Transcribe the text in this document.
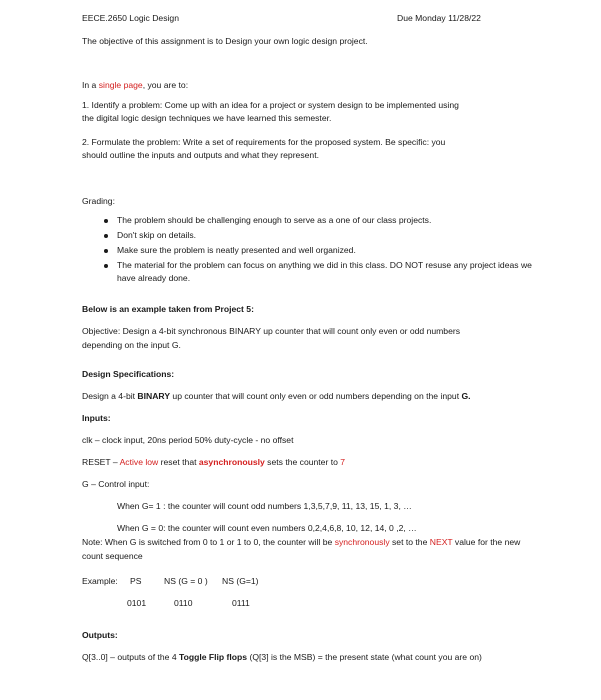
EECE.2650 Logic Design	Due Monday 11/28/22
The objective of this assignment is to Design your own logic design project.
In a single page, you are to:
1. Identify a problem: Come up with an idea for a project or system design to be implemented using
the digital logic design techniques we have learned this semester.
2. Formulate the problem: Write a set of requirements for the proposed system. Be specific: you
should outline the inputs and outputs and what they represent.
Grading:
The problem should be challenging enough to serve as a one of our class projects.
Don't skip on details.
Make sure the problem is neatly presented and well organized.
The material for the problem can focus on anything we did in this class. DO NOT resuse any project ideas we
have already done.
Below is an example taken from Project 5:
Objective: Design a 4-bit synchronous BINARY up counter that will count only even or odd numbers
depending on the input G.
Design Specifications:
Design a 4-bit BINARY up counter that will count only even or odd numbers depending on the input G.
Inputs:
clk – clock input, 20ns period 50% duty-cycle - no offset
RESET – Active low reset that asynchronously sets the counter to 7
G – Control input:
When G= 1 : the counter will count odd numbers 1,3,5,7,9, 11, 13, 15, 1, 3, …
When G = 0: the counter will count even numbers 0,2,4,6,8, 10, 12, 14, 0 ,2, …
Note: When G is switched from 0 to 1 or 1 to 0, the counter will be synchronously set to the NEXT value for the new
count sequence
Example: PS	NS (G = 0 ) NS (G=1)
0101	0110	0111
Outputs:
Q[3..0] – outputs of the 4 Toggle Flip flops (Q[3] is the MSB) = the present state (what count you are on)
